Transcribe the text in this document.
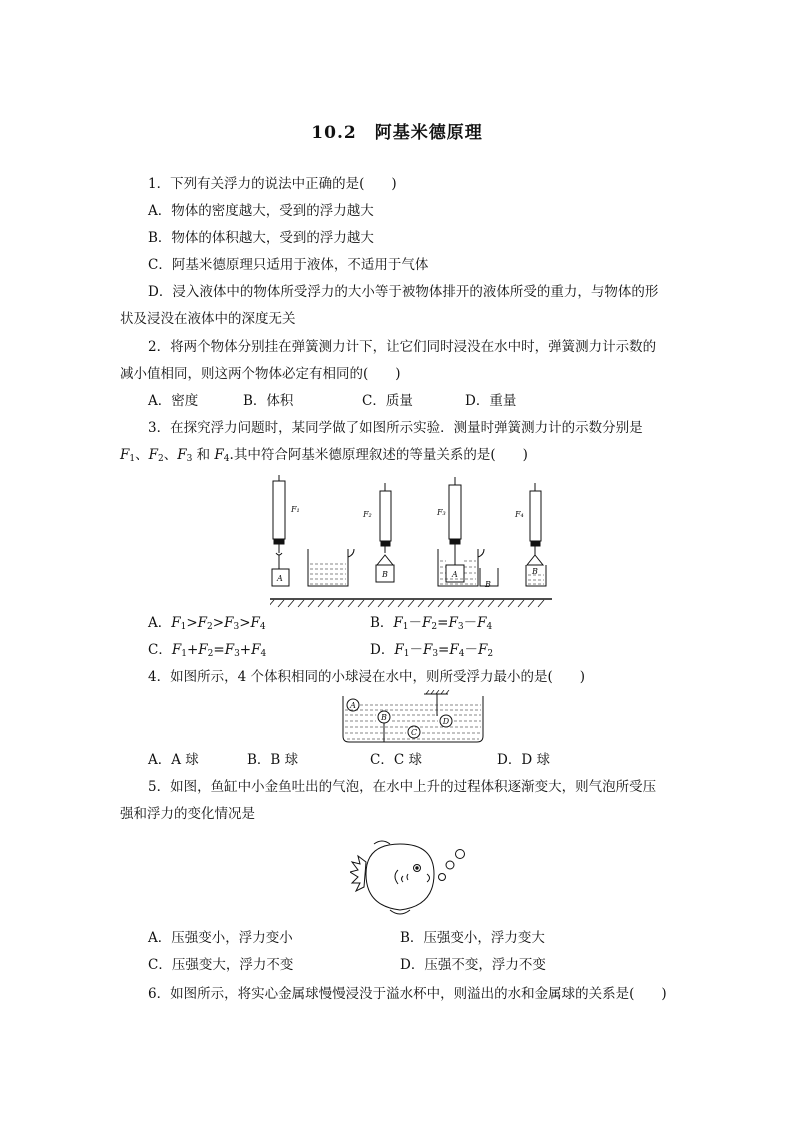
10.2　阿基米德原理
1．下列有关浮力的说法中正确的是(　　)
A．物体的密度越大，受到的浮力越大
B．物体的体积越大，受到的浮力越大
C．阿基米德原理只适用于液体，不适用于气体
D．浸入液体中的物体所受浮力的大小等于被物体排开的液体所受的重力，与物体的形
状及浸没在液体中的深度无关
2．将两个物体分别挂在弹簧测力计下，让它们同时浸没在水中时，弹簧测力计示数的
减小值相同，则这两个物体必定有相同的(　　)
A．密度	B．体积	C．质量	D．重量
3．在探究浮力问题时，某同学做了如图所示实验．测量时弹簧测力计的示数分别是
$F_1$、$F_2$、$F_3$ 和 $F_4$.其中符合阿基米德原理叙述的等量关系的是(　　)
F₁
F₂	F₃	F₄
A	B	A
B
B
A．$F_1>F_2>F_3>F_4$	B．$F_1-F_2=F_3-F_4$
C．$F_1+F_2=F_3+F_4$	D．$F_1-F_3=F_4-F_2$
4．如图所示，4 个体积相同的小球浸在水中，则所受浮力最小的是(　　)
A
B
C
D
A．A 球	B．B 球	C．C 球	D．D 球
5．如图，鱼缸中小金鱼吐出的气泡，在水中上升的过程体积逐渐变大，则气泡所受压
强和浮力的变化情况是
A．压强变小，浮力变小	B．压强变小，浮力变大
C．压强变大，浮力不变	D．压强不变，浮力不变
6．如图所示，将实心金属球慢慢浸没于溢水杯中，则溢出的水和金属球的关系是(　　)
